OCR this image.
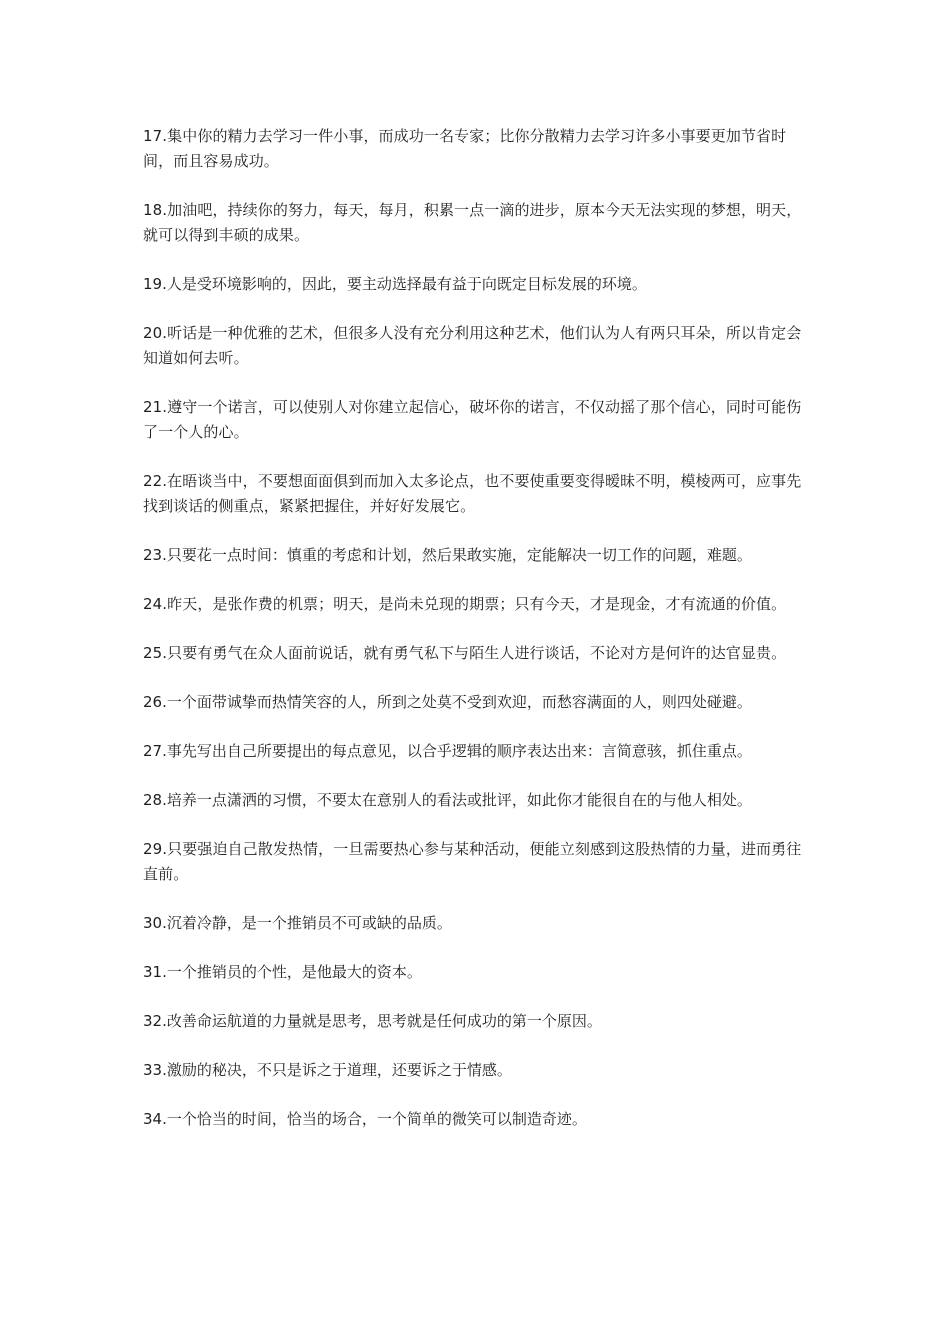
17.集中你的精力去学习一件小事，而成功一名专家；比你分散精力去学习许多小事要更加节省时间，而且容易成功。

18.加油吧，持续你的努力，每天，每月，积累一点一滴的进步，原本今天无法实现的梦想，明天，就可以得到丰硕的成果。

19.人是受环境影响的，因此，要主动选择最有益于向既定目标发展的环境。

20.听话是一种优雅的艺术，但很多人没有充分利用这种艺术，他们认为人有两只耳朵，所以肯定会知道如何去听。

21.遵守一个诺言，可以使别人对你建立起信心，破坏你的诺言，不仅动摇了那个信心，同时可能伤了一个人的心。

22.在晤谈当中，不要想面面俱到而加入太多论点，也不要使重要变得暧昧不明，模棱两可，应事先找到谈话的侧重点，紧紧把握住，并好好发展它。

23.只要花一点时间：慎重的考虑和计划，然后果敢实施，定能解决一切工作的问题，难题。

24.昨天，是张作费的机票；明天，是尚未兑现的期票；只有今天，才是现金，才有流通的价值。

25.只要有勇气在众人面前说话，就有勇气私下与陌生人进行谈话，不论对方是何许的达官显贵。

26.一个面带诚挚而热情笑容的人，所到之处莫不受到欢迎，而愁容满面的人，则四处碰避。

27.事先写出自己所要提出的每点意见，以合乎逻辑的顺序表达出来：言简意骇，抓住重点。

28.培养一点潇洒的习惯，不要太在意别人的看法或批评，如此你才能很自在的与他人相处。

29.只要强迫自己散发热情，一旦需要热心参与某种活动，便能立刻感到这股热情的力量，进而勇往直前。

30.沉着冷静，是一个推销员不可或缺的品质。

31.一个推销员的个性，是他最大的资本。

32.改善命运航道的力量就是思考，思考就是任何成功的第一个原因。

33.激励的秘决，不只是诉之于道理，还要诉之于情感。

34.一个恰当的时间，恰当的场合，一个简单的微笑可以制造奇迹。
